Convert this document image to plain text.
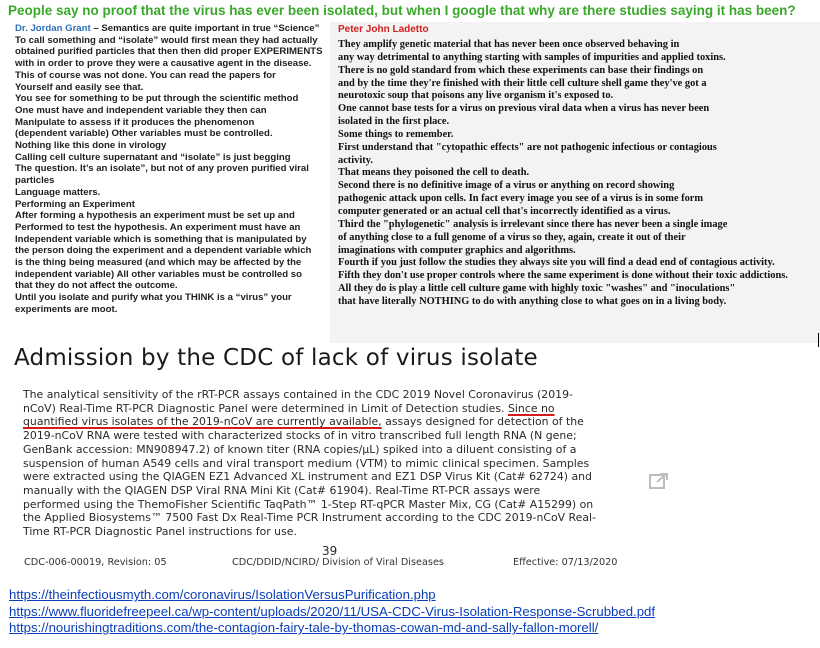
People say no proof that the virus has ever been isolated, but when I google that why are there studies saying it has been?
Dr. Jordan Grant – Semantics are quite important in true “Science”
To call something and “isolate” would first mean they had actually
obtained purified particles that then then did proper EXPERIMENTS
with in order to prove they were a causative agent in the disease.
This of course was not done. You can read the papers for
Yourself and easily see that.
You see for something to be put through the scientific method
One must have and independent variable they then can
Manipulate to assess if it produces the phenomenon
(dependent variable) Other variables must be controlled.
Nothing like this done in virology
Calling cell culture supernatant and “isolate” is just begging
The question. It’s an isolate”, but not of any proven purified viral
particles
Language matters.
Performing an Experiment
After forming a hypothesis an experiment must be set up and
Performed to test the hypothesis. An experiment must have an
Independent variable which is something that is manipulated by
the person doing the experiment and a dependent variable which
is the thing being measured (and which may be affected by the
independent variable) All other variables must be controlled so
that they do not affect the outcome.
Until you isolate and purify what you THINK is a “virus” your
experiments are moot.
Peter John Ladetto
They amplify genetic material that has never been once observed behaving in
any way detrimental to anything starting with samples of impurities and applied toxins.
There is no gold standard from which these experiments can base their findings on
and by the time they're finished with their little cell culture shell game they've got a
neurotoxic soup that poisons any live organism it's exposed to.
One cannot base tests for a virus on previous viral data when a virus has never been
isolated in the first place.
Some things to remember.
First understand that "cytopathic effects" are not pathogenic infectious or contagious
activity.
That means they poisoned the cell to death.
Second there is no definitive image of a virus or anything on record showing
pathogenic attack upon cells. In fact every image you see of a virus is in some form
computer generated or an actual cell that's incorrectly identified as a virus.
Third the "phylogenetic" analysis is irrelevant since there has never been a single image
of anything close to a full genome of a virus so they, again, create it out of their
imaginations with computer graphics and algorithms.
Fourth if you just follow the studies they always site you will find a dead end of contagious activity.
Fifth they don't use proper controls where the same experiment is done without their toxic addictions.
All they do is play a little cell culture game with highly toxic "washes" and "inoculations"
that have literally NOTHING to do with anything close to what goes on in a living body.
Admission by the CDC of lack of virus isolate
The analytical sensitivity of the rRT-PCR assays contained in the CDC 2019 Novel Coronavirus (2019-
nCoV) Real-Time RT-PCR Diagnostic Panel were determined in Limit of Detection studies. Since no
quantified virus isolates of the 2019-nCoV are currently available, assays designed for detection of the
2019-nCoV RNA were tested with characterized stocks of in vitro transcribed full length RNA (N gene;
GenBank accession: MN908947.2) of known titer (RNA copies/µL) spiked into a diluent consisting of a
suspension of human A549 cells and viral transport medium (VTM) to mimic clinical specimen. Samples
were extracted using the QIAGEN EZ1 Advanced XL instrument and EZ1 DSP Virus Kit (Cat# 62724) and
manually with the QIAGEN DSP Viral RNA Mini Kit (Cat# 61904). Real-Time RT-PCR assays were
performed using the ThemoFisher Scientific TaqPath™ 1-Step RT-qPCR Master Mix, CG (Cat# A15299) on
the Applied Biosystems™ 7500 Fast Dx Real-Time PCR Instrument according to the CDC 2019-nCoV Real-
Time RT-PCR Diagnostic Panel instructions for use.
39
CDC-006-00019, Revision: 05	CDC/DDID/NCIRD/ Division of Viral Diseases	Effective: 07/13/2020
https://theinfectiousmyth.com/coronavirus/IsolationVersusPurification.php
https://www.fluoridefreepeel.ca/wp-content/uploads/2020/11/USA-CDC-Virus-Isolation-Response-Scrubbed.pdf
https://nourishingtraditions.com/the-contagion-fairy-tale-by-thomas-cowan-md-and-sally-fallon-morell/
